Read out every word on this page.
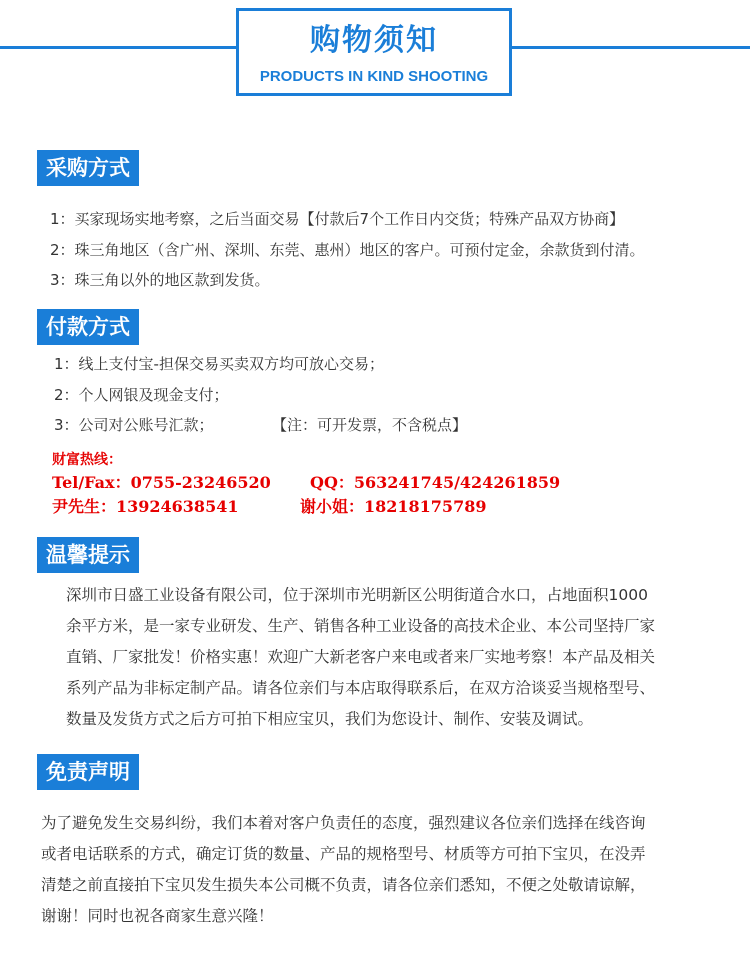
购物须知
PRODUCTS IN KIND SHOOTING
采购方式
1：买家现场实地考察，之后当面交易【付款后7个工作日内交货；特殊产品双方协商】
2：珠三角地区（含广州、深圳、东莞、惠州）地区的客户。可预付定金，余款货到付清。
3：珠三角以外的地区款到发货。
付款方式
1：线上支付宝-担保交易买卖双方均可放心交易；
2：个人网银及现金支付；
3：公司对公账号汇款；	【注：可开发票，不含税点】
财富热线：
Tel/Fax：0755-23246520 QQ：563241745/424261859
尹先生：13924638541	谢小姐：18218175789
温馨提示
深圳市日盛工业设备有限公司，位于深圳市光明新区公明街道合水口，占地面积1000
余平方米，是一家专业研发、生产、销售各种工业设备的高技术企业、本公司坚持厂家
直销、厂家批发！价格实惠！欢迎广大新老客户来电或者来厂实地考察！本产品及相关
系列产品为非标定制产品。请各位亲们与本店取得联系后，在双方洽谈妥当规格型号、
数量及发货方式之后方可拍下相应宝贝，我们为您设计、制作、安装及调试。
免责声明
为了避免发生交易纠纷，我们本着对客户负责任的态度，强烈建议各位亲们选择在线咨询
或者电话联系的方式，确定订货的数量、产品的规格型号、材质等方可拍下宝贝，在没弄
清楚之前直接拍下宝贝发生损失本公司概不负责，请各位亲们悉知，不便之处敬请谅解，
谢谢！同时也祝各商家生意兴隆！
